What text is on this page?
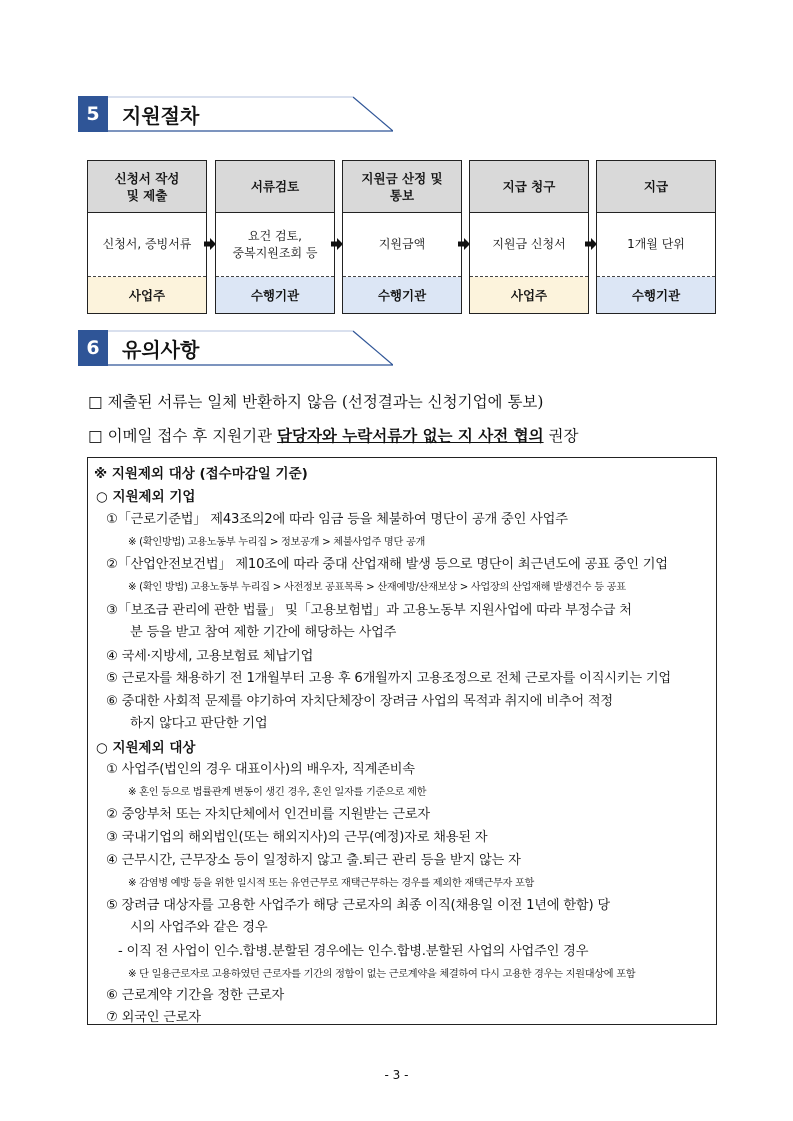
5	지원절차
신청서 작성
및 제출
신청서, 증빙서류
사업주
서류검토
요건 검토,
중복지원조회 등
수행기관
지원금 산정 및
통보
지원금액
수행기관
지급 청구
지원금 신청서
사업주
지급
1개월 단위
수행기관
6	유의사항
□ 제출된 서류는 일체 반환하지 않음 (선정결과는 신청기업에 통보)
□ 이메일 접수 후 지원기관 담당자와 누락서류가 없는 지 사전 협의 권장
※ 지원제외 대상 (접수마감일 기준)
○ 지원제외 기업
①「근로기준법」 제43조의2에 따라 임금 등을 체불하여 명단이 공개 중인 사업주
※ (확인방법) 고용노동부 누리집 > 정보공개 > 체불사업주 명단 공개
②「산업안전보건법」 제10조에 따라 중대 산업재해 발생 등으로 명단이 최근년도에 공표 중인 기업
※ (확인 방법) 고용노동부 누리집 > 사전정보 공표목록 > 산재예방/산재보상 > 사업장의 산업재해 발생건수 등 공표
③「보조금 관리에 관한 법률」 및「고용보험법」과 고용노동부 지원사업에 따라 부정수급 처
분 등을 받고 참여 제한 기간에 해당하는 사업주
④ 국세·지방세, 고용보험료 체납기업
⑤ 근로자를 채용하기 전 1개월부터 고용 후 6개월까지 고용조정으로 전체 근로자를 이직시키는 기업
⑥ 중대한 사회적 문제를 야기하여 자치단체장이 장려금 사업의 목적과 취지에 비추어 적정
하지 않다고 판단한 기업
○ 지원제외 대상
① 사업주(법인의 경우 대표이사)의 배우자, 직계존비속
※ 혼인 등으로 법률관계 변동이 생긴 경우, 혼인 일자를 기준으로 제한
② 중앙부처 또는 자치단체에서 인건비를 지원받는 근로자
③ 국내기업의 해외법인(또는 해외지사)의 근무(예정)자로 채용된 자
④ 근무시간, 근무장소 등이 일정하지 않고 출.퇴근 관리 등을 받지 않는 자
※ 감염병 예방 등을 위한 일시적 또는 유연근무로 재택근무하는 경우를 제외한 재택근무자 포함
⑤ 장려금 대상자를 고용한 사업주가 해당 근로자의 최종 이직(채용일 이전 1년에 한함) 당
시의 사업주와 같은 경우
- 이직 전 사업이 인수.합병.분할된 경우에는 인수.합병.분할된 사업의 사업주인 경우
※ 단 일용근로자로 고용하였던 근로자를 기간의 정함이 없는 근로계약을 체결하여 다시 고용한 경우는 지원대상에 포함
⑥ 근로계약 기간을 정한 근로자
⑦ 외국인 근로자
- 3 -
